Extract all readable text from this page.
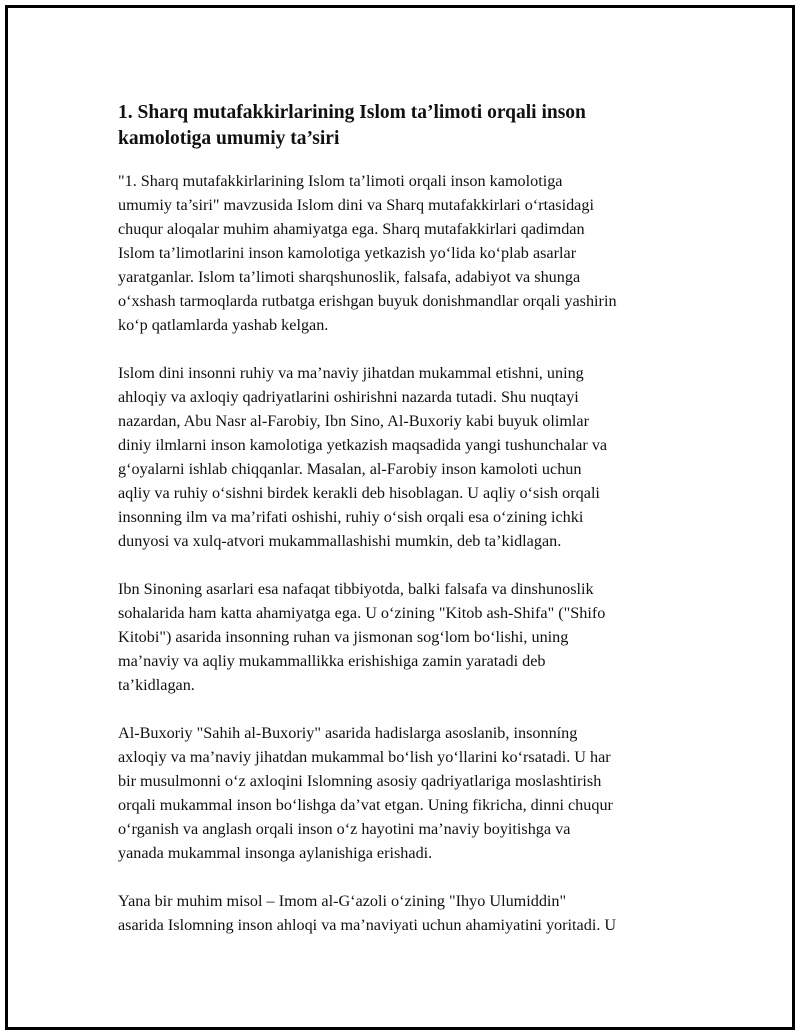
1. Sharq mutafakkirlarining Islom ta’limoti orqali inson
kamolotiga umumiy ta’siri

"1. Sharq mutafakkirlarining Islom ta’limoti orqali inson kamolotiga
umumiy ta’siri" mavzusida Islom dini va Sharq mutafakkirlari o‘rtasidagi
chuqur aloqalar muhim ahamiyatga ega. Sharq mutafakkirlari qadimdan
Islom ta’limotlarini inson kamolotiga yetkazish yo‘lida ko‘plab asarlar
yaratganlar. Islom ta’limoti sharqshunoslik, falsafa, adabiyot va shunga
o‘xshash tarmoqlarda rutbatga erishgan buyuk donishmandlar orqali yashirin
ko‘p qatlamlarda yashab kelgan.

Islom dini insonni ruhiy va ma’naviy jihatdan mukammal etishni, uning
ahloqiy va axloqiy qadriyatlarini oshirishni nazarda tutadi. Shu nuqtayi
nazardan, Abu Nasr al-Farobiy, Ibn Sino, Al-Buxoriy kabi buyuk olimlar
diniy ilmlarni inson kamolotiga yetkazish maqsadida yangi tushunchalar va
g‘oyalarni ishlab chiqqanlar. Masalan, al-Farobiy inson kamoloti uchun
aqliy va ruhiy o‘sishni birdek kerakli deb hisoblagan. U aqliy o‘sish orqali
insonning ilm va ma’rifati oshishi, ruhiy o‘sish orqali esa o‘zining ichki
dunyosi va xulq-atvori mukammallashishi mumkin, deb ta’kidlagan.

Ibn Sinoning asarlari esa nafaqat tibbiyotda, balki falsafa va dinshunoslik
sohalarida ham katta ahamiyatga ega. U o‘zining "Kitob ash-Shifa" ("Shifo
Kitobi") asarida insonning ruhan va jismonan sog‘lom bo‘lishi, uning
ma’naviy va aqliy mukammallikka erishishiga zamin yaratadi deb
ta’kidlagan.

Al-Buxoriy "Sahih al-Buxoriy" asarida hadislarga asoslanib, insonníng
axloqiy va ma’naviy jihatdan mukammal bo‘lish yo‘llarini ko‘rsatadi. U har
bir musulmonni o‘z axloqini Islomning asosiy qadriyatlariga moslashtirish
orqali mukammal inson bo‘lishga da’vat etgan. Uning fikricha, dinni chuqur
o‘rganish va anglash orqali inson o‘z hayotini ma’naviy boyitishga va
yanada mukammal insonga aylanishiga erishadi.

Yana bir muhim misol – Imom al-G‘azoli o‘zining "Ihyo Ulumiddin"
asarida Islomning inson ahloqi va ma’naviyati uchun ahamiyatini yoritadi. U
